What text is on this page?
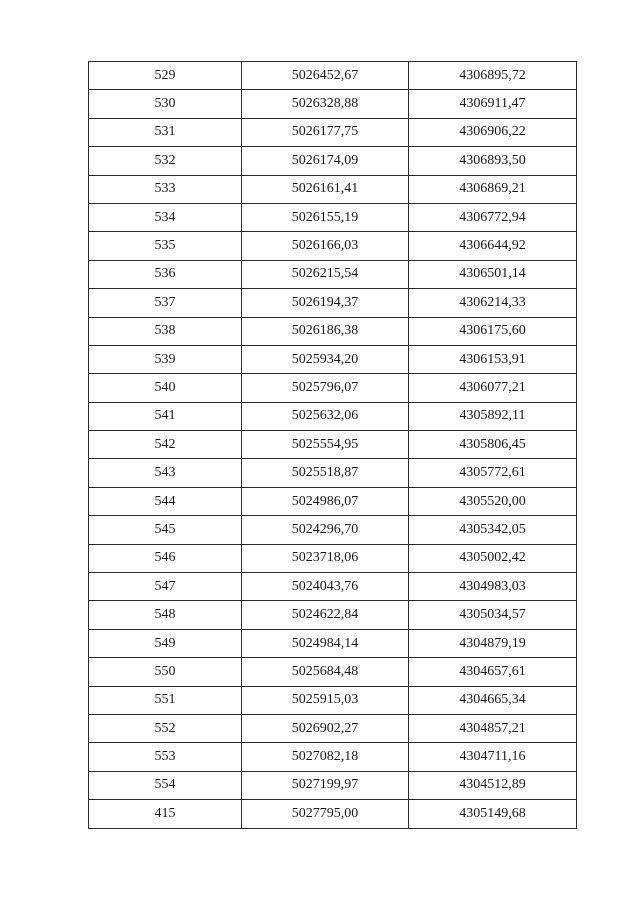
529	5026452,67	4306895,72
530	5026328,88	4306911,47
531	5026177,75	4306906,22
532	5026174,09	4306893,50
533	5026161,41	4306869,21
534	5026155,19	4306772,94
535	5026166,03	4306644,92
536	5026215,54	4306501,14
537	5026194,37	4306214,33
538	5026186,38	4306175,60
539	5025934,20	4306153,91
540	5025796,07	4306077,21
541	5025632,06	4305892,11
542	5025554,95	4305806,45
543	5025518,87	4305772,61
544	5024986,07	4305520,00
545	5024296,70	4305342,05
546	5023718,06	4305002,42
547	5024043,76	4304983,03
548	5024622,84	4305034,57
549	5024984,14	4304879,19
550	5025684,48	4304657,61
551	5025915,03	4304665,34
552	5026902,27	4304857,21
553	5027082,18	4304711,16
554	5027199,97	4304512,89
415	5027795,00	4305149,68
